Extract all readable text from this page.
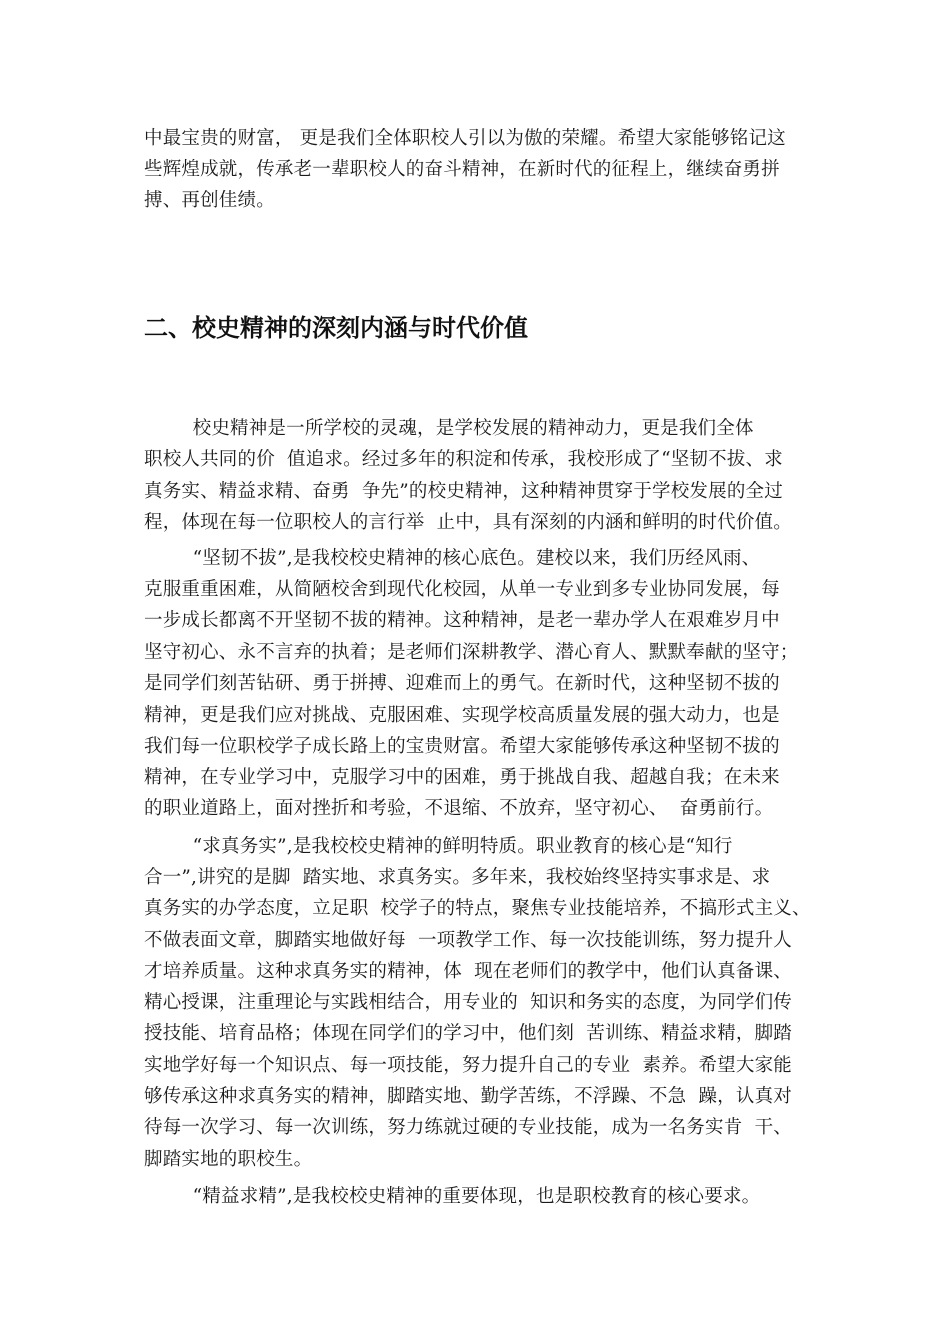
中最宝贵的财富， 更是我们全体职校人引以为傲的荣耀。希望大家能够铭记这
些辉煌成就，传承老一辈职校人的奋斗精神，在新时代的征程上，继续奋勇拼
搏、再创佳绩。
二、校史精神的深刻内涵与时代价值
校史精神是一所学校的灵魂，是学校发展的精神动力，更是我们全体
职校人共同的价  值追求。经过多年的积淀和传承，我校形成了“坚韧不拔、求
真务实、精益求精、奋勇  争先”的校史精神，这种精神贯穿于学校发展的全过
程，体现在每一位职校人的言行举  止中，具有深刻的内涵和鲜明的时代价值。
“坚韧不拔”,是我校校史精神的核心底色。建校以来，我们历经风雨、
克服重重困难，从简陋校舍到现代化校园，从单一专业到多专业协同发展，每
一步成长都离不开坚韧不拔的精神。这种精神，是老一辈办学人在艰难岁月中
坚守初心、永不言弃的执着；是老师们深耕教学、潜心育人、默默奉献的坚守；
是同学们刻苦钻研、勇于拼搏、迎难而上的勇气。在新时代，这种坚韧不拔的
精神，更是我们应对挑战、克服困难、实现学校高质量发展的强大动力，也是
我们每一位职校学子成长路上的宝贵财富。希望大家能够传承这种坚韧不拔的
精神，在专业学习中，克服学习中的困难，勇于挑战自我、超越自我；在未来
的职业道路上，面对挫折和考验，不退缩、不放弃，坚守初心、  奋勇前行。
“求真务实”,是我校校史精神的鲜明特质。职业教育的核心是“知行
合一”,讲究的是脚  踏实地、求真务实。多年来，我校始终坚持实事求是、求
真务实的办学态度，立足职  校学子的特点，聚焦专业技能培养，不搞形式主义、
不做表面文章，脚踏实地做好每  一项教学工作、每一次技能训练，努力提升人
才培养质量。这种求真务实的精神，体  现在老师们的教学中，他们认真备课、
精心授课，注重理论与实践相结合，用专业的  知识和务实的态度，为同学们传
授技能、培育品格；体现在同学们的学习中，他们刻  苦训练、精益求精，脚踏
实地学好每一个知识点、每一项技能，努力提升自己的专业  素养。希望大家能
够传承这种求真务实的精神，脚踏实地、勤学苦练，不浮躁、不急  躁，认真对
待每一次学习、每一次训练，努力练就过硬的专业技能，成为一名务实肯  干、
脚踏实地的职校生。
“精益求精”,是我校校史精神的重要体现，也是职校教育的核心要求。
